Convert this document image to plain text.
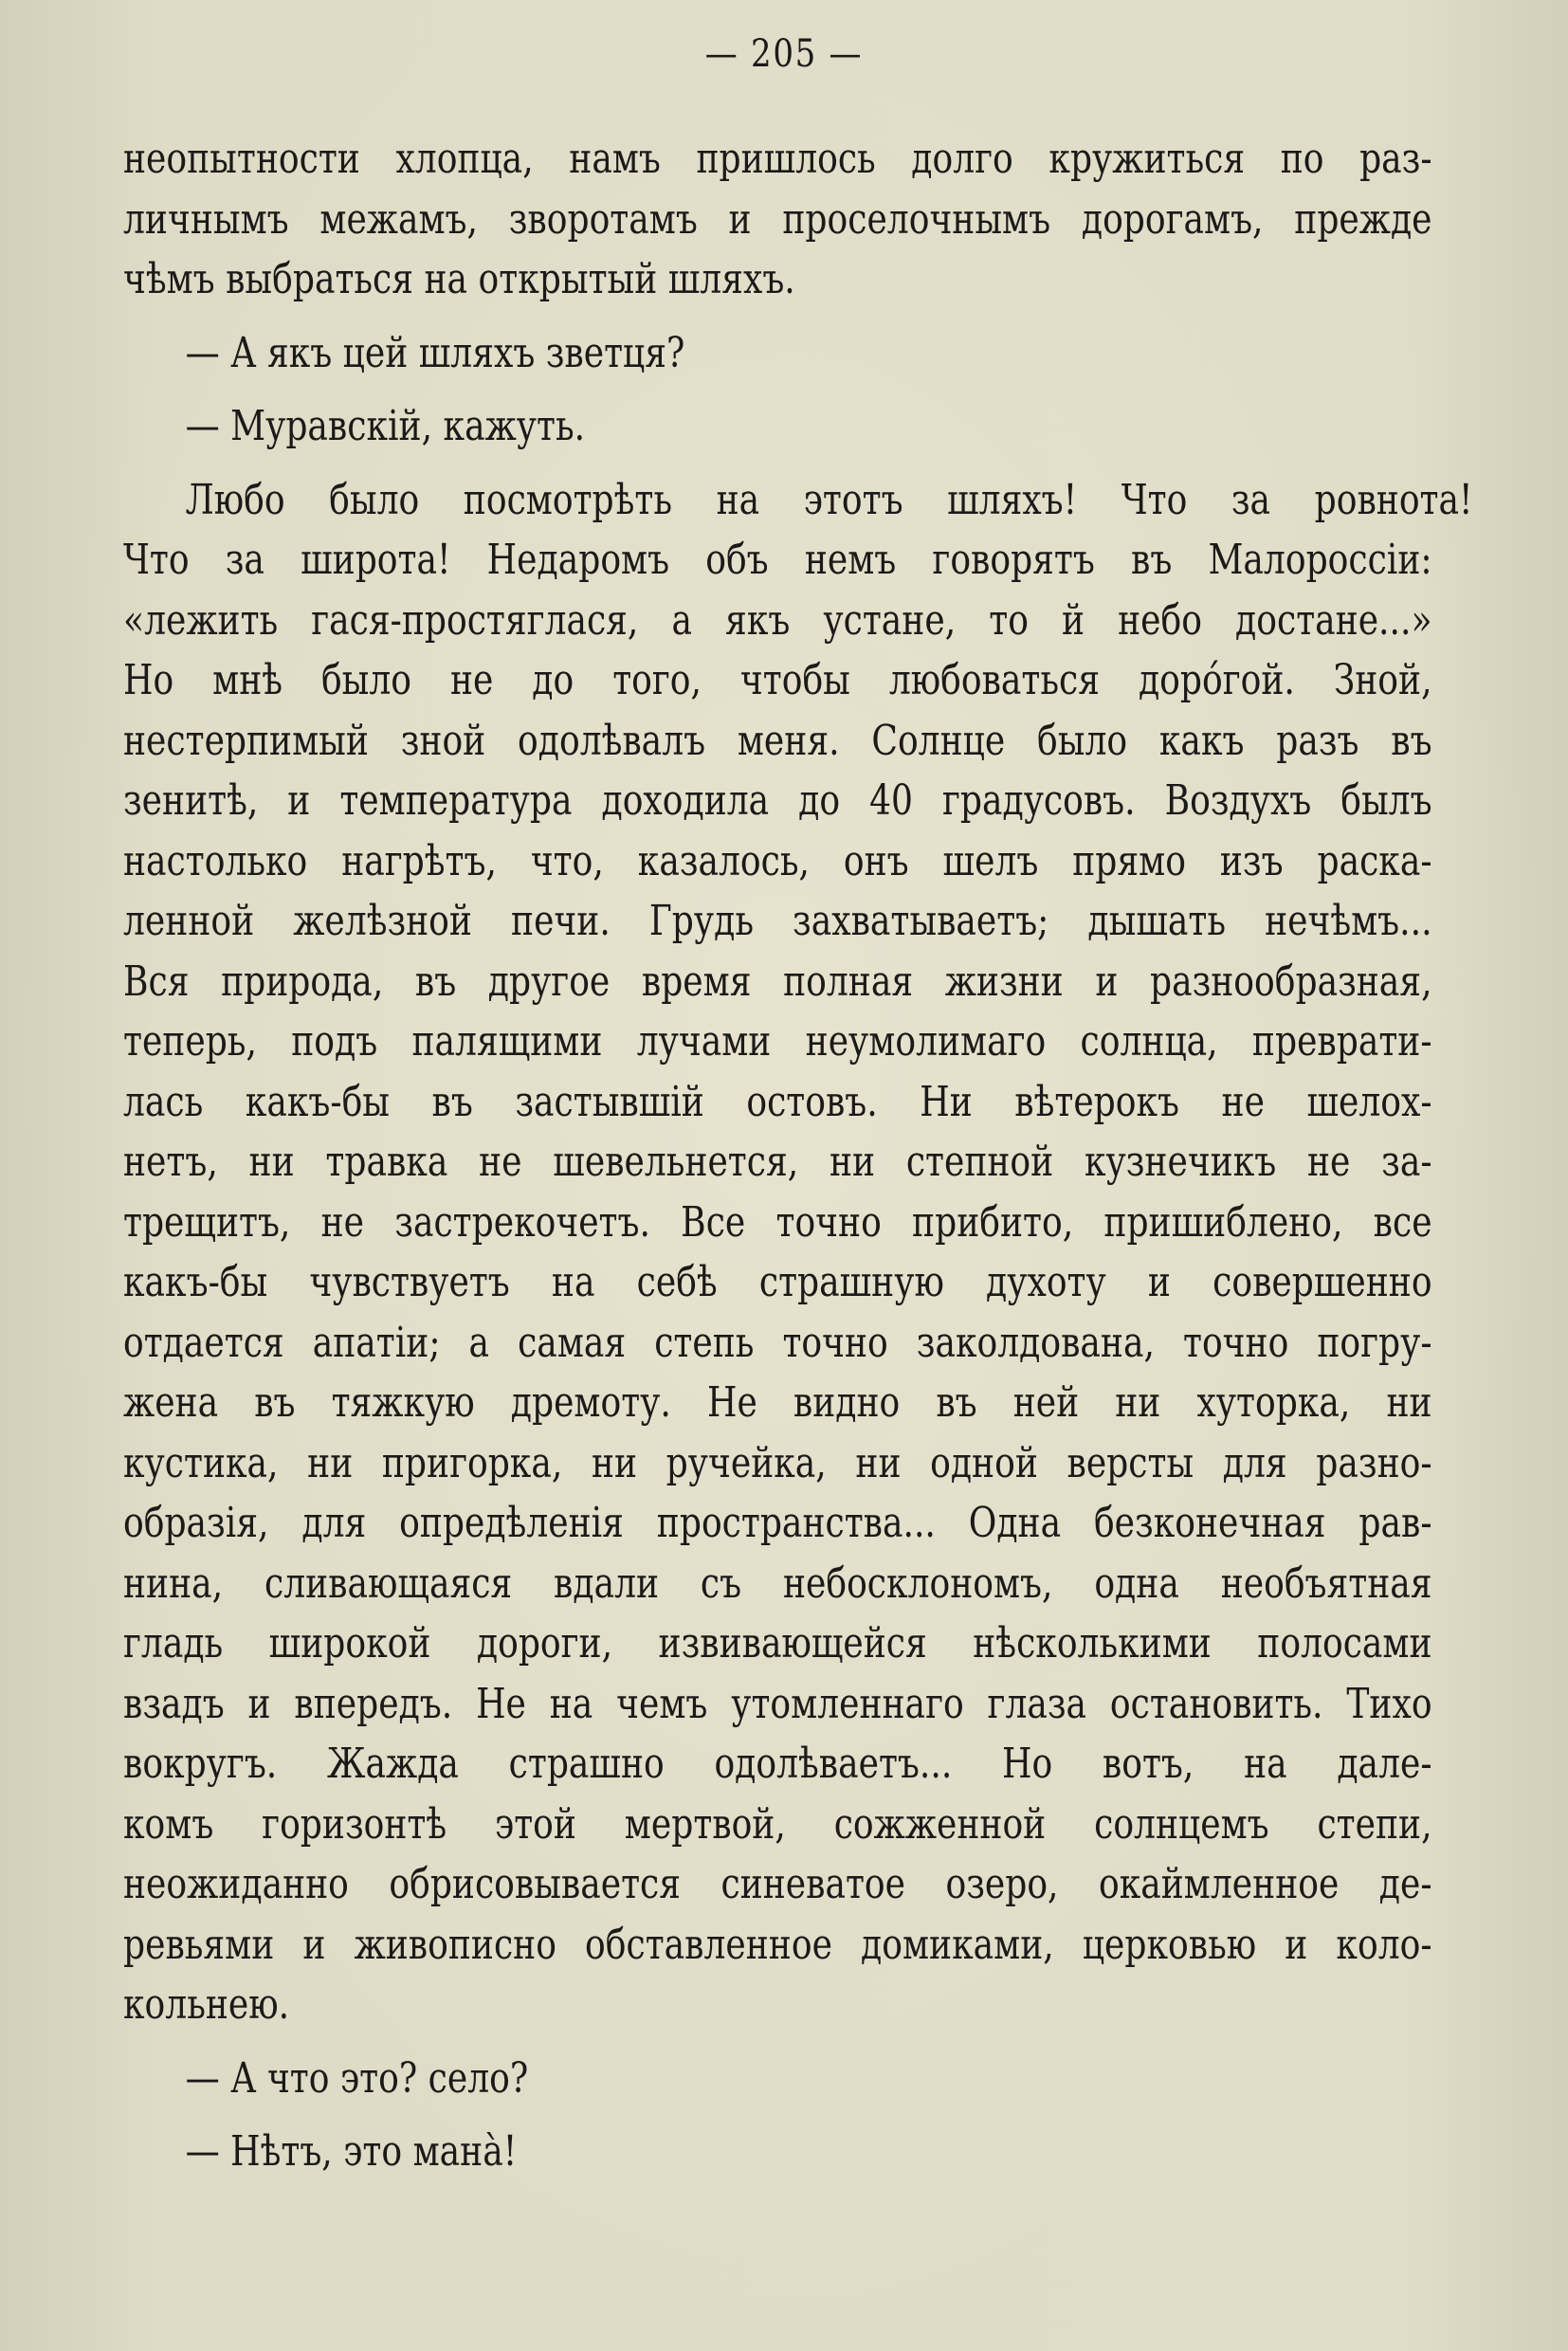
— 205 —
неопытности хлопца, намъ пришлось долго кружиться по раз-
личнымъ межамъ, зворотамъ и проселочнымъ дорогамъ, прежде
чѣмъ выбраться на открытый шляхъ.
— А якъ цей шляхъ зветця?
— Муравскій, кажуть.
Любо было посмотрѣть на этотъ шляхъ! Что за ровнота!
Что за широта! Недаромъ объ немъ говорятъ въ Малороссіи:
«лежить гася-простяглася, а якъ устане, то й небо достане...»
Но мнѣ было не до того, чтобы любоваться дорóгой. Зной,
нестерпимый зной одолѣвалъ меня. Солнце было какъ разъ въ
зенитѣ, и температура доходила до 40 градусовъ. Воздухъ былъ
настолько нагрѣтъ, что, казалось, онъ шелъ прямо изъ раска-
ленной желѣзной печи. Грудь захватываетъ; дышать нечѣмъ...
Вся природа, въ другое время полная жизни и разнообразная,
теперь, подъ палящими лучами неумолимаго солнца, преврати-
лась какъ-бы въ застывшій остовъ. Ни вѣтерокъ не шелох-
нетъ, ни травка не шевельнется, ни степной кузнечикъ не за-
трещитъ, не застрекочетъ. Все точно прибито, пришиблено, все
какъ-бы чувствуетъ на себѣ страшную духоту и совершенно
отдается апатіи; а самая степь точно заколдована, точно погру-
жена въ тяжкую дремоту. Не видно въ ней ни хуторка, ни
кустика, ни пригорка, ни ручейка, ни одной версты для разно-
образія, для опредѣленія пространства... Одна безконечная рав-
нина, сливающаяся вдали съ небосклономъ, одна необъятная
гладь широкой дороги, извивающейся нѣсколькими полосами
взадъ и впередъ. Не на чемъ утомленнаго глаза остановить. Тихо
вокругъ. Жажда страшно одолѣваетъ... Но вотъ, на дале-
комъ горизонтѣ этой мертвой, сожженной солнцемъ степи,
неожиданно обрисовывается синеватое озеро, окаймленное де-
ревьями и живописно обставленное домиками, церковью и коло-
кольнею.
— А что это? село?
— Нѣтъ, это мана̀!
